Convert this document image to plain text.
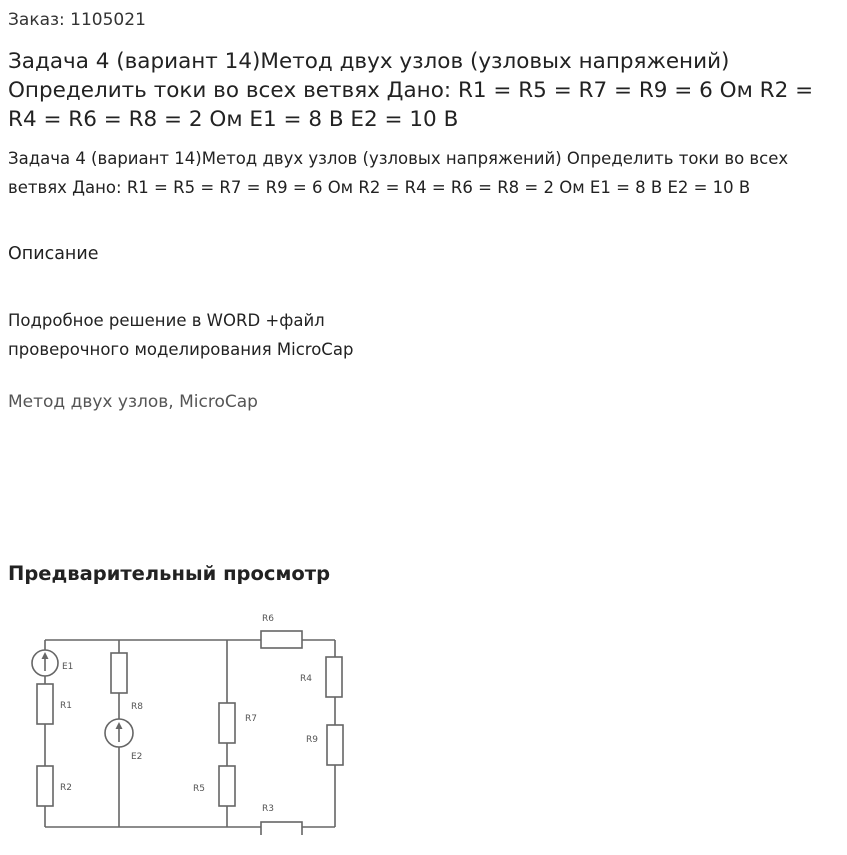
Заказ: 1105021
Задача 4 (вариант 14)Метод двух узлов (узловых напряжений) Определить токи во всех ветвях Дано: R1 = R5 = R7 = R9 = 6 Ом R2 = R4 = R6 = R8 = 2 Ом E1 = 8 В E2 = 10 В
Задача 4 (вариант 14)Метод двух узлов (узловых напряжений) Определить токи во всех ветвях Дано: R1 = R5 = R7 = R9 = 6 Ом R2 = R4 = R6 = R8 = 2 Ом E1 = 8 В E2 = 10 В
Описание
Подробное решение в WORD +файл
проверочного моделирования MicroCap
Метод двух узлов, MicroCap
Предварительный просмотр
R6
E1
R4
R1	R8
R7
R9
E2
R5
R2
R3
